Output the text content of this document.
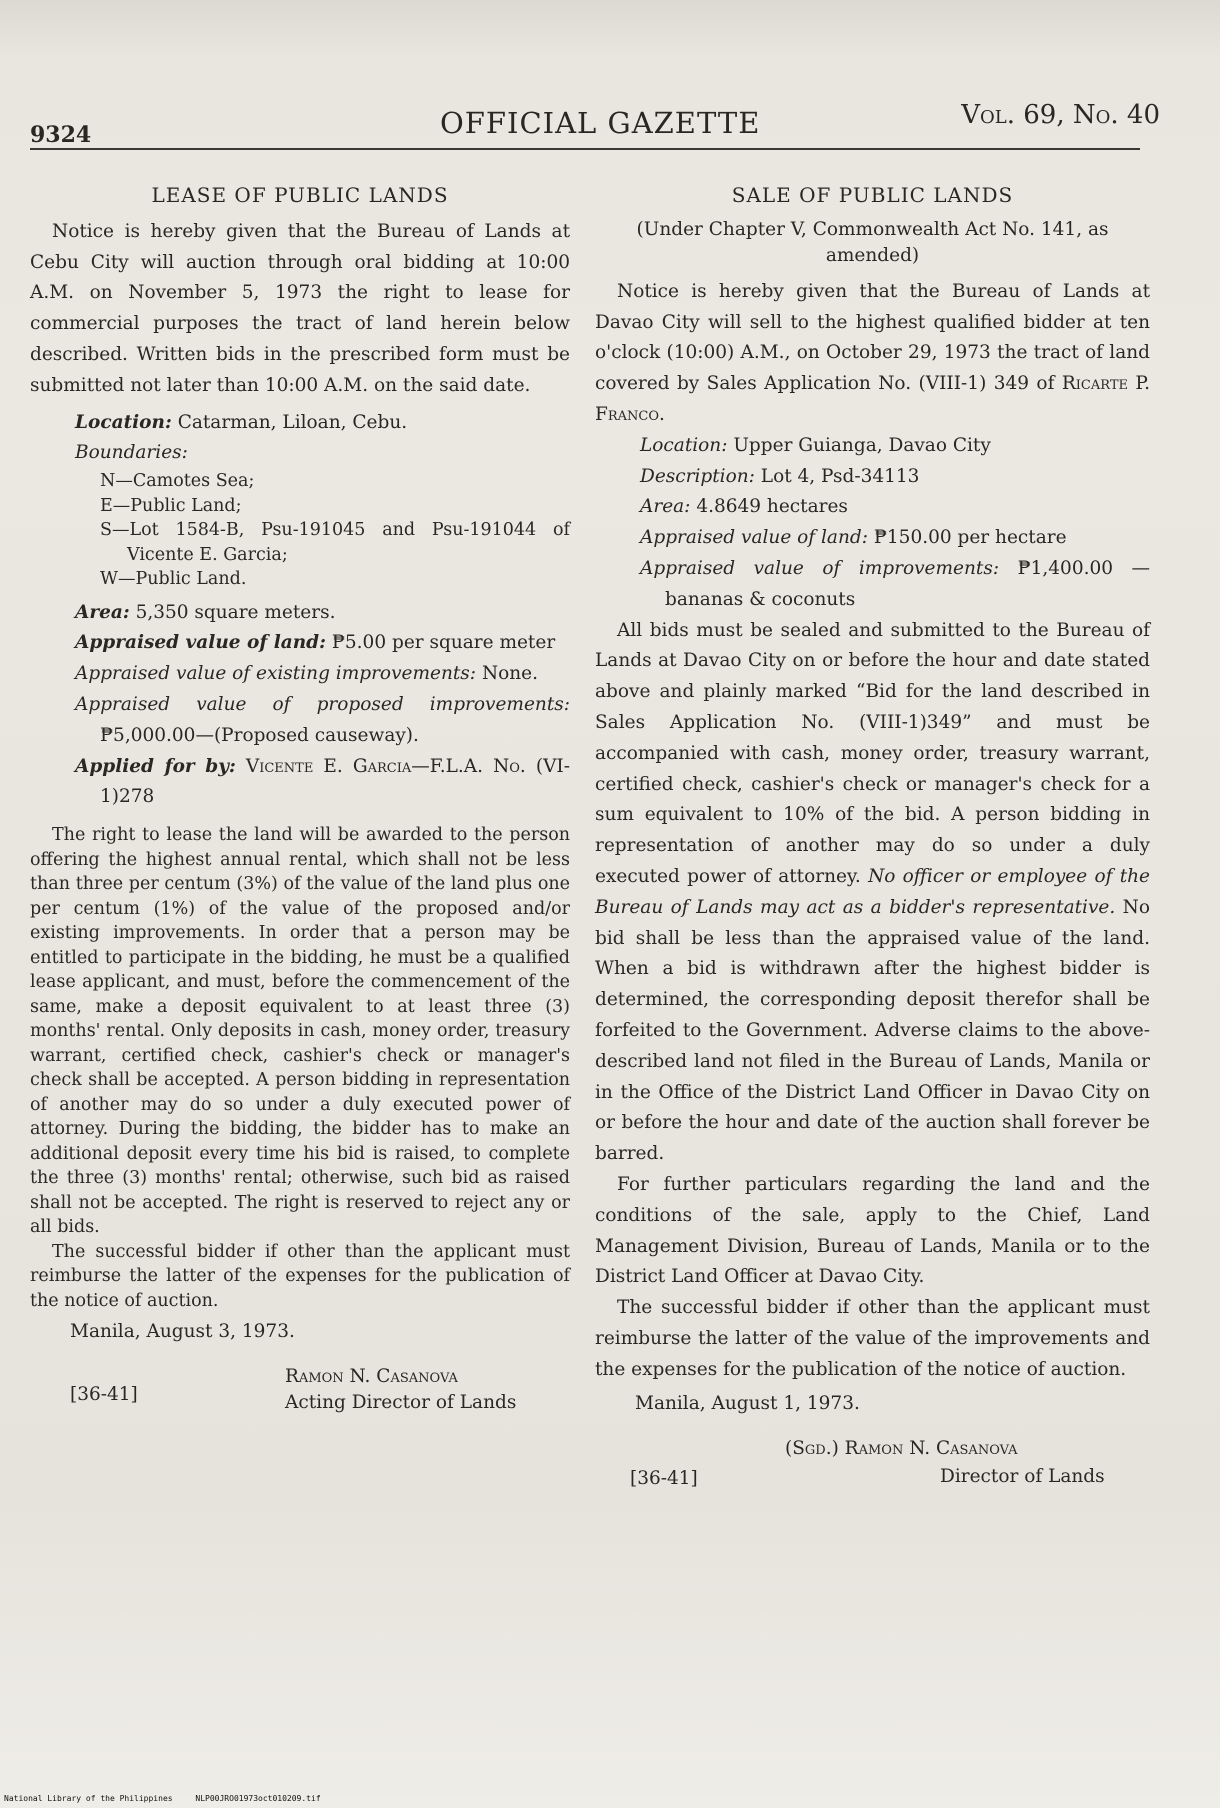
9324	OFFICIAL GAZETTE	Vol. 69, No. 40
LEASE OF PUBLIC LANDS

Notice is hereby given that the Bureau of Lands at Cebu City will auction through oral bidding at 10:00 A.M. on November 5, 1973 the right to lease for commercial purposes the tract of land herein below described. Written bids in the prescribed form must be submitted not later than 10:00 A.M. on the said date.

Location: Catarman, Liloan, Cebu.

Boundaries:

N—Camotes Sea;

E—Public Land;

S—Lot 1584-B, Psu-191045 and Psu-191044 of Vicente E. Garcia;

W—Public Land.

Area: 5,350 square meters.

Appraised value of land: ₱5.00 per square meter

Appraised value of existing improvements: None.

Appraised value of proposed improvements: ₱5,000.00—(Proposed causeway).

Applied for by: Vicente E. Garcia—F.L.A. No. (VI-1)278

The right to lease the land will be awarded to the person offering the highest annual rental, which shall not be less than three per centum (3%) of the value of the land plus one per centum (1%) of the value of the proposed and/or existing improvements. In order that a person may be entitled to participate in the bidding, he must be a qualified lease applicant, and must, before the commencement of the same, make a deposit equivalent to at least three (3) months' rental. Only deposits in cash, money order, treasury warrant, certified check, cashier's check or manager's check shall be accepted. A person bidding in representation of another may do so under a duly executed power of attorney. During the bidding, the bidder has to make an additional deposit every time his bid is raised, to complete the three (3) months' rental; otherwise, such bid as raised shall not be accepted. The right is reserved to reject any or all bids.

The successful bidder if other than the applicant must reimburse the latter of the expenses for the publication of the notice of auction.

Manila, August 3, 1973.

[36-41]
Ramon N. Casanova
Acting Director of Lands
SALE OF PUBLIC LANDS
(Under Chapter V, Commonwealth Act No. 141, as amended)

Notice is hereby given that the Bureau of Lands at Davao City will sell to the highest qualified bidder at ten o'clock (10:00) A.M., on October 29, 1973 the tract of land covered by Sales Application No. (VIII-1) 349 of Ricarte P. Franco.

Location: Upper Guianga, Davao City

Description: Lot 4, Psd-34113

Area: 4.8649 hectares

Appraised value of land: ₱150.00 per hectare

Appraised value of improvements: ₱1,400.00 —bananas & coconuts

All bids must be sealed and submitted to the Bureau of Lands at Davao City on or before the hour and date stated above and plainly marked “Bid for the land described in Sales Application No. (VIII-1)349” and must be accompanied with cash, money order, treasury warrant, certified check, cashier's check or manager's check for a sum equivalent to 10% of the bid. A person bidding in representation of another may do so under a duly executed power of attorney. No officer or employee of the Bureau of Lands may act as a bidder's representative. No bid shall be less than the appraised value of the land. When a bid is withdrawn after the highest bidder is determined, the corresponding deposit therefor shall be forfeited to the Government. Adverse claims to the above-described land not filed in the Bureau of Lands, Manila or in the Office of the District Land Officer in Davao City on or before the hour and date of the auction shall forever be barred.

For further particulars regarding the land and the conditions of the sale, apply to the Chief, Land Management Division, Bureau of Lands, Manila or to the District Land Officer at Davao City.

The successful bidder if other than the applicant must reimburse the latter of the value of the improvements and the expenses for the publication of the notice of auction.

Manila, August 1, 1973.

[36-41]
(Sgd.) Ramon N. Casanova
Director of Lands
National Library of the Philippines	NLP00JRO01973oct010209.tif
